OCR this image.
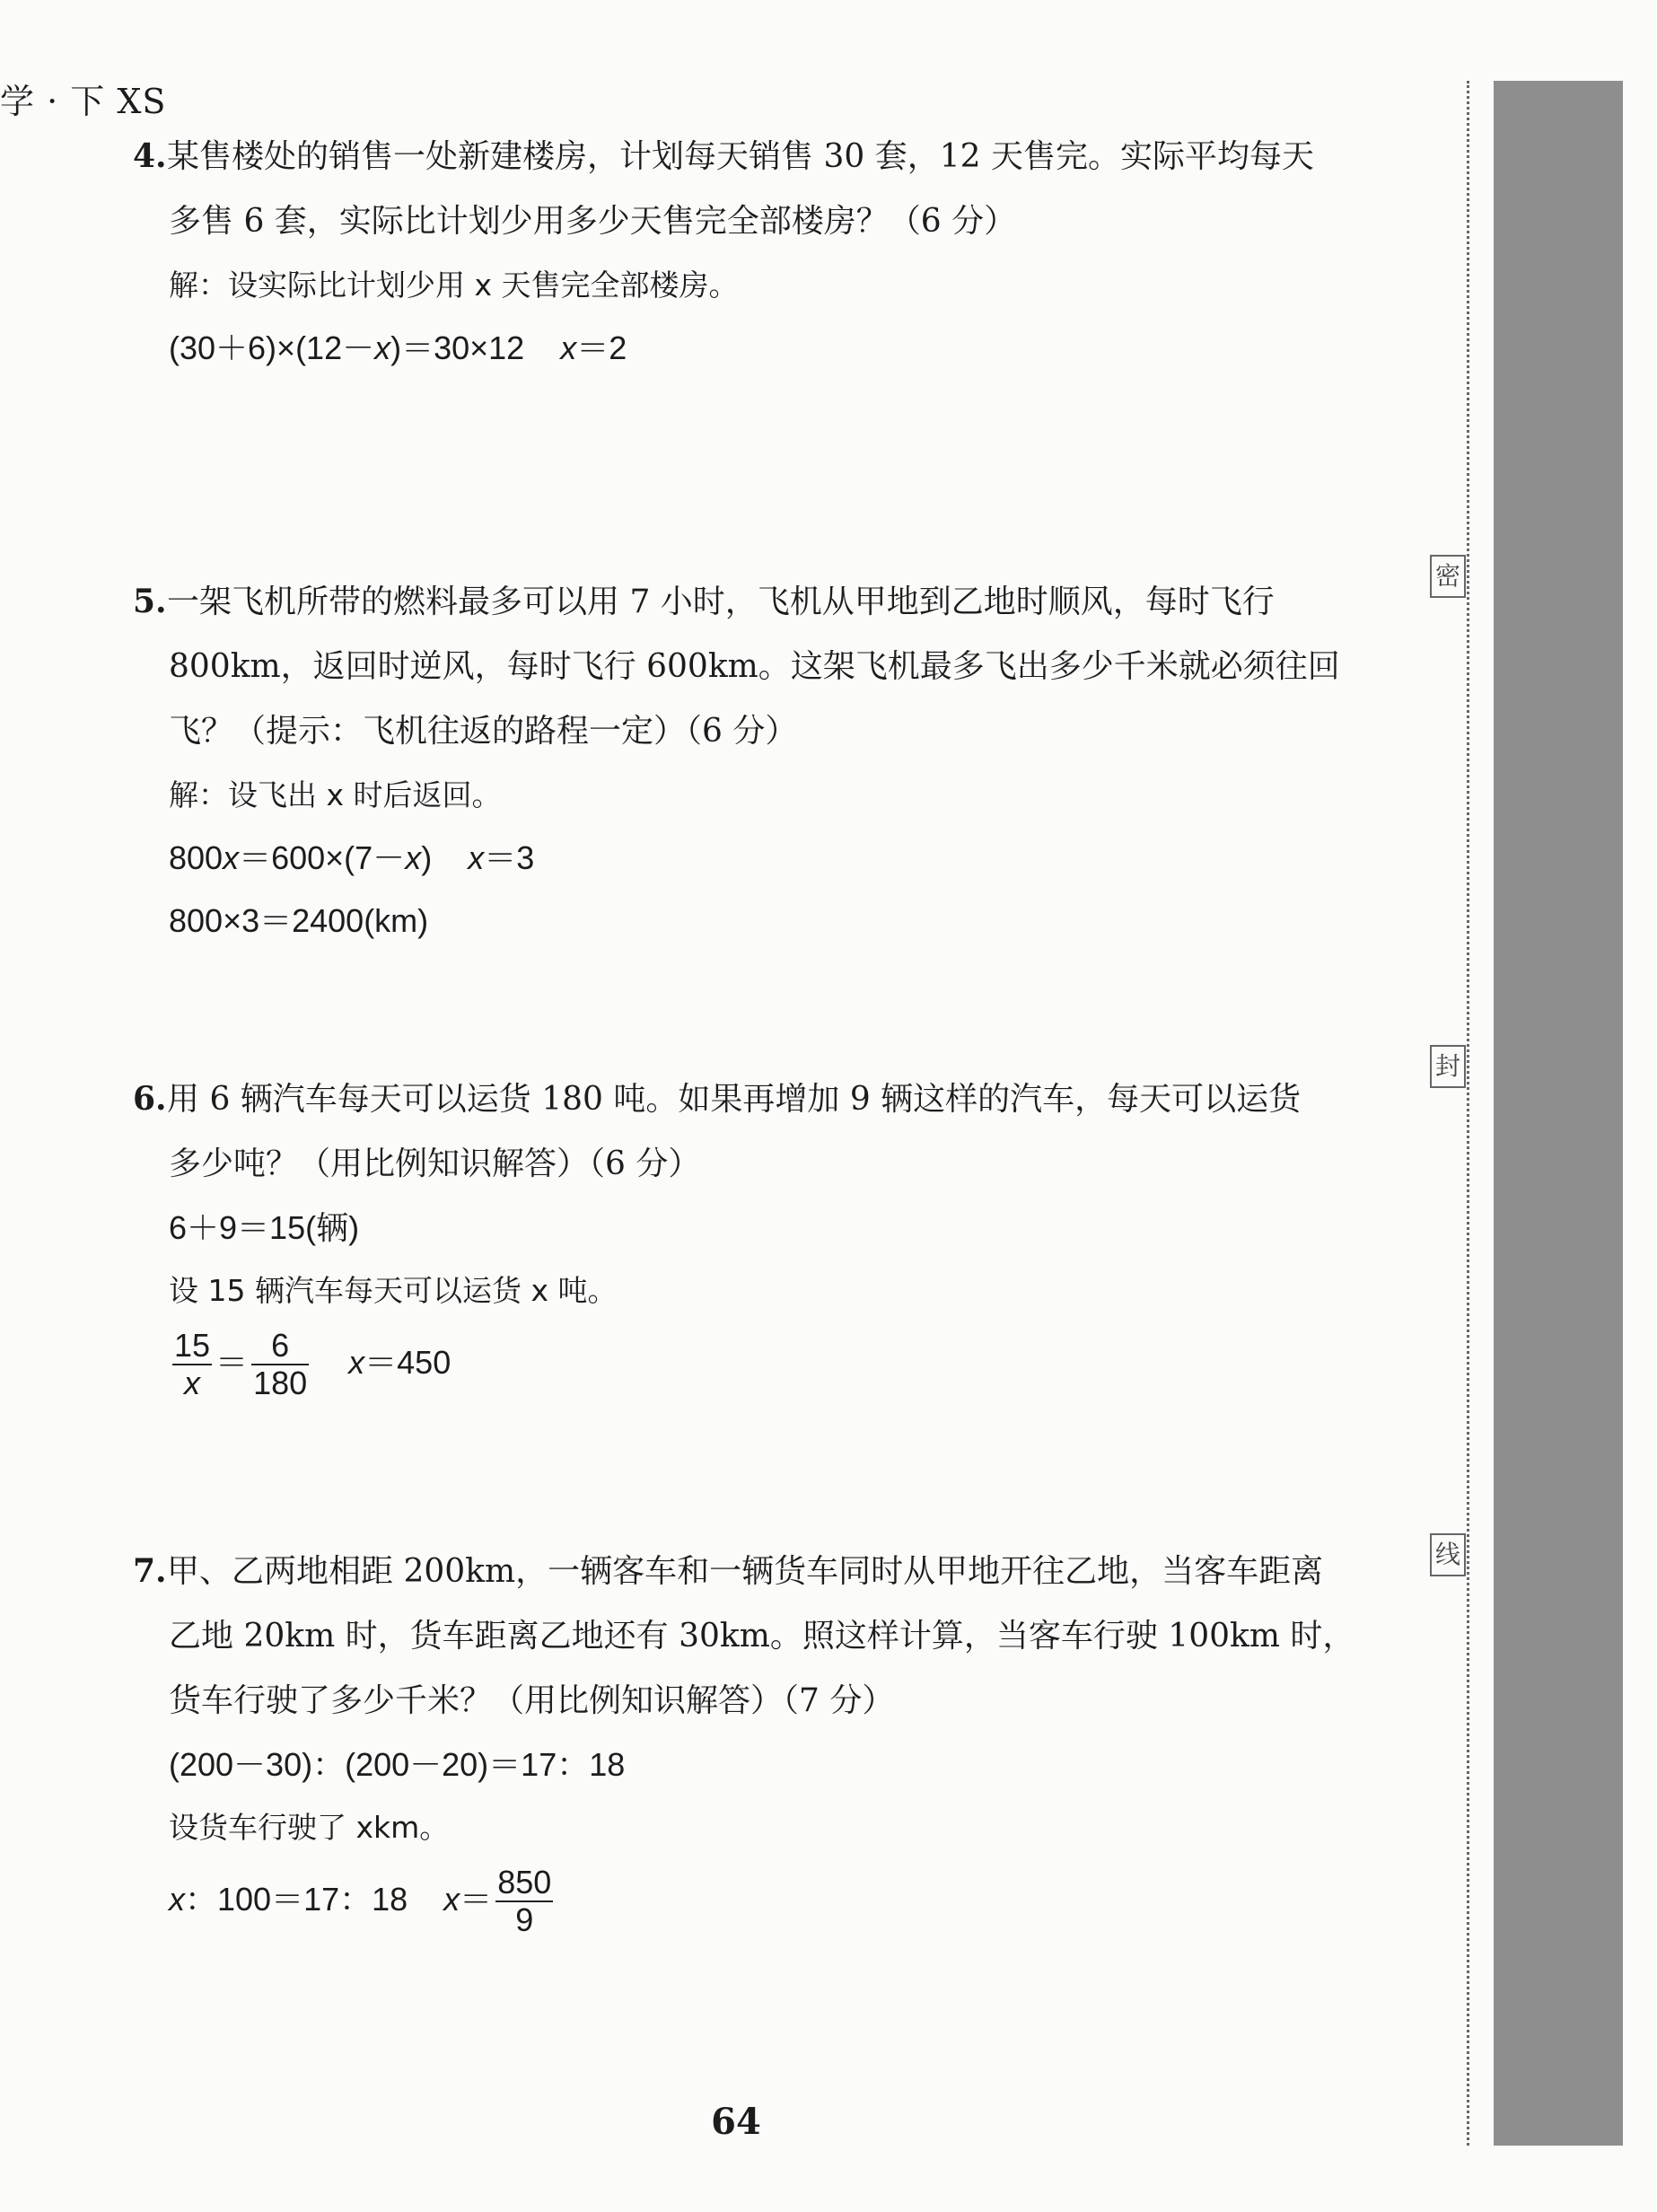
学 · 下 XS
密
封
线
4.某售楼处的销售一处新建楼房，计划每天销售 30 套，12 天售完。实际平均每天
多售 6 套，实际比计划少用多少天售完全部楼房？（6 分）
解：设实际比计划少用 x 天售完全部楼房。
(30＋6)×(12－x)＝30×12 x＝2
5.一架飞机所带的燃料最多可以用 7 小时，飞机从甲地到乙地时顺风，每时飞行
800km，返回时逆风，每时飞行 600km。这架飞机最多飞出多少千米就必须往回
飞？（提示：飞机往返的路程一定）（6 分）
解：设飞出 x 时后返回。
800x＝600×(7－x) x＝3
800×3＝2400(km)
6.用 6 辆汽车每天可以运货 180 吨。如果再增加 9 辆这样的汽车，每天可以运货
多少吨？（用比例知识解答）（6 分）
6＋9＝15(辆)
设 15 辆汽车每天可以运货 x 吨。
$\frac{15}{x} = \frac{6}{180} x=450$
7.甲、乙两地相距 200km，一辆客车和一辆货车同时从甲地开往乙地，当客车距离
乙地 20km 时，货车距离乙地还有 30km。照这样计算，当客车行驶 100km 时，
货车行驶了多少千米？（用比例知识解答）（7 分）
(200－30)：(200－20)＝17：18
设货车行驶了 xkm。
x：100＝17：18 $x= \frac{850}{9}$
64
